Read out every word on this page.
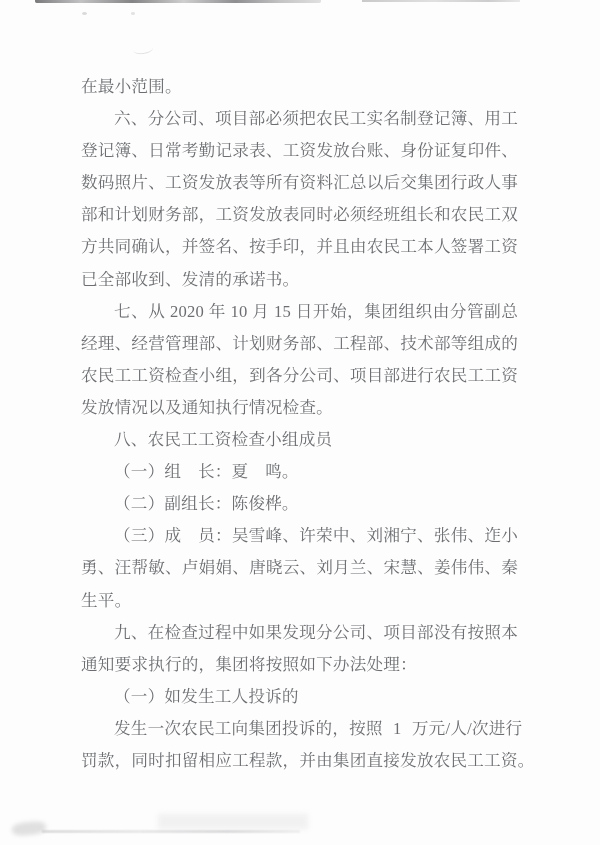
在最小范围。

六、分公司、项目部必须把农民工实名制登记簿、用工登记簿、日常考勤记录表、工资发放台账、身份证复印件、数码照片、工资发放表等所有资料汇总以后交集团行政人事部和计划财务部，工资发放表同时必须经班组长和农民工双方共同确认，并签名、按手印，并且由农民工本人签署工资已全部收到、发清的承诺书。

七、从 2020 年 10 月 15 日开始，集团组织由分管副总经理、经营管理部、计划财务部、工程部、技术部等组成的农民工工资检查小组，到各分公司、项目部进行农民工工资发放情况以及通知执行情况检查。

八、农民工工资检查小组成员

（一）组　长：夏　鸣。

（二）副组长：陈俊桦。

（三）成　员：吴雪峰、许荣中、刘湘宁、张伟、迮小勇、汪帮敏、卢娟娟、唐晓云、刘月兰、宋慧、姜伟伟、秦生平。

九、在检查过程中如果发现分公司、项目部没有按照本通知要求执行的，集团将按照如下办法处理：

（一）如发生工人投诉的

发生一次农民工向集团投诉的，按照 1 万元/人/次进行罚款，同时扣留相应工程款，并由集团直接发放农民工工资。
